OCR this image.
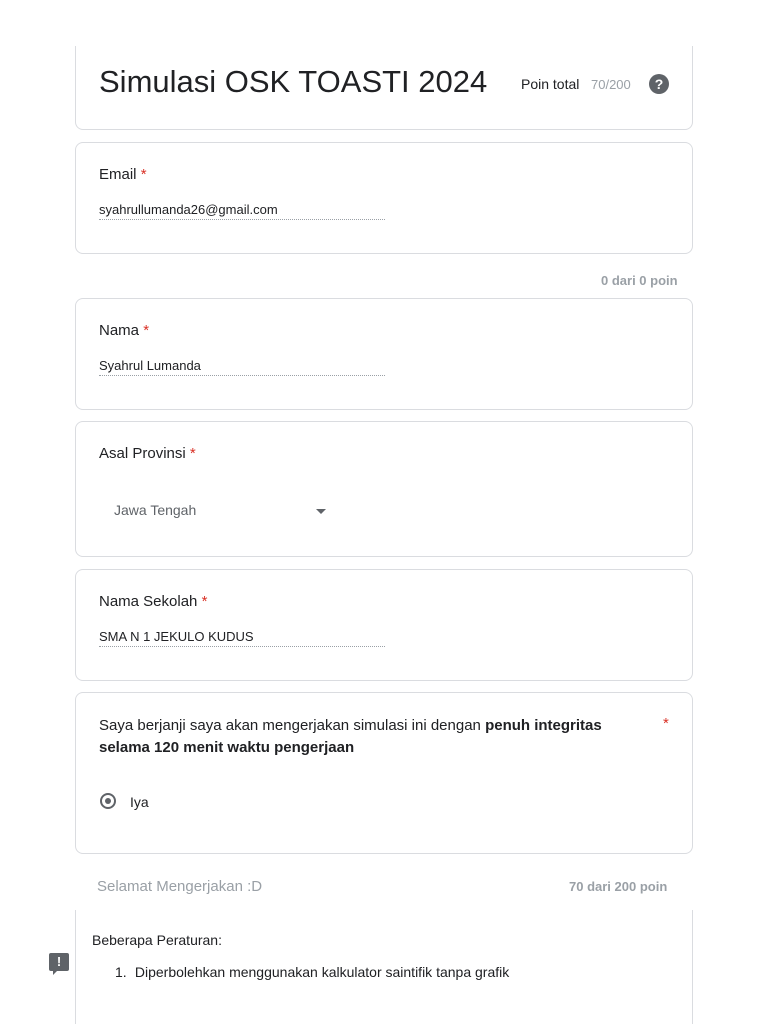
Simulasi OSK TOASTI 2024 Poin total 70/200	?
Email *
syahrullumanda26@gmail.com
0 dari 0 poin
Nama *
Syahrul Lumanda
Asal Provinsi *
Jawa Tengah
Nama Sekolah *
SMA N 1 JEKULO KUDUS
Saya berjanji saya akan mengerjakan simulasi ini dengan penuh integritas selama 120 menit waktu pengerjaan
*
Iya
Selamat Mengerjakan :D	70 dari 200 poin
Beberapa Peraturan:
1. Diperbolehkan menggunakan kalkulator saintifik tanpa grafik
!
